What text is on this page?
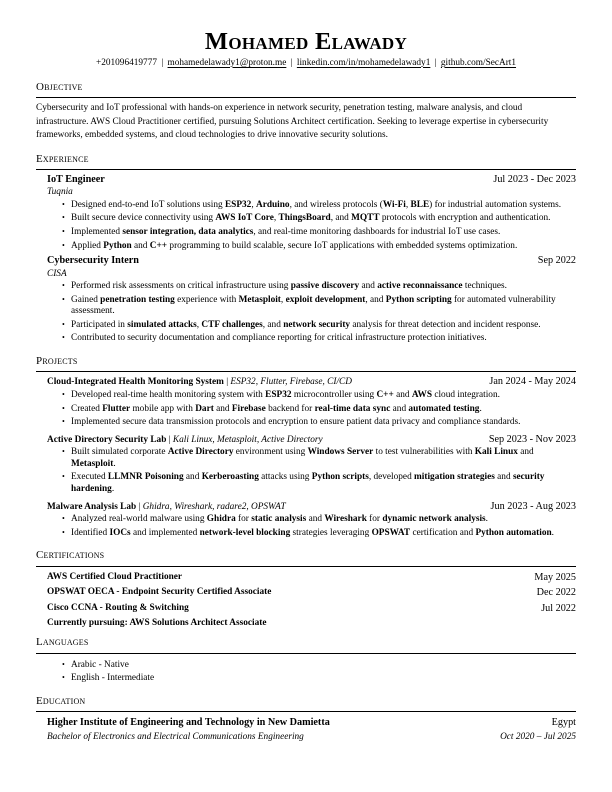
Mohamed Elawady
+201096419777 | mohamedelawady1@proton.me | linkedin.com/in/mohamedelawady1 | github.com/SecArt1
Objective

Cybersecurity and IoT professional with hands-on experience in network security, penetration testing, malware analysis, and cloud infrastructure. AWS Cloud Practitioner certified, pursuing Solutions Architect certification. Seeking to leverage expertise in cybersecurity frameworks, embedded systems, and cloud technologies to drive innovative security solutions.

Experience
IoT Engineer	Jul 2023 - Dec 2023
Tuqnia
• Designed end-to-end IoT solutions using ESP32, Arduino, and wireless protocols (Wi-Fi, BLE) for industrial automation systems.
• Built secure device connectivity using AWS IoT Core, ThingsBoard, and MQTT protocols with encryption and authentication.
• Implemented sensor integration, data analytics, and real-time monitoring dashboards for industrial IoT use cases.
• Applied Python and C++ programming to build scalable, secure IoT applications with embedded systems optimization.
Cybersecurity Intern	Sep 2022
CISA
• Performed risk assessments on critical infrastructure using passive discovery and active reconnaissance techniques.
• Gained penetration testing experience with Metasploit, exploit development, and Python scripting for automated vulnerability assessment.
• Participated in simulated attacks, CTF challenges, and network security analysis for threat detection and incident response.
• Contributed to security documentation and compliance reporting for critical infrastructure protection initiatives.
Projects
Cloud-Integrated Health Monitoring System | ESP32, Flutter, Firebase, CI/CD	Jan 2024 - May 2024
• Developed real-time health monitoring system with ESP32 microcontroller using C++ and AWS cloud integration.
• Created Flutter mobile app with Dart and Firebase backend for real-time data sync and automated testing.
• Implemented secure data transmission protocols and encryption to ensure patient data privacy and compliance standards.
Active Directory Security Lab | Kali Linux, Metasploit, Active Directory	Sep 2023 - Nov 2023
• Built simulated corporate Active Directory environment using Windows Server to test vulnerabilities with Kali Linux and Metasploit.
• Executed LLMNR Poisoning and Kerberoasting attacks using Python scripts, developed mitigation strategies and security hardening.
Malware Analysis Lab | Ghidra, Wireshark, radare2, OPSWAT	Jun 2023 - Aug 2023
• Analyzed real-world malware using Ghidra for static analysis and Wireshark for dynamic network analysis.
• Identified IOCs and implemented network-level blocking strategies leveraging OPSWAT certification and Python automation.
Certifications
AWS Certified Cloud Practitioner	May 2025
OPSWAT OECA - Endpoint Security Certified Associate	Dec 2022
Cisco CCNA - Routing & Switching	Jul 2022
Currently pursuing: AWS Solutions Architect Associate
Languages
• Arabic - Native
• English - Intermediate
Education
Higher Institute of Engineering and Technology in New Damietta	Egypt
Bachelor of Electronics and Electrical Communications Engineering	Oct 2020 – Jul 2025
